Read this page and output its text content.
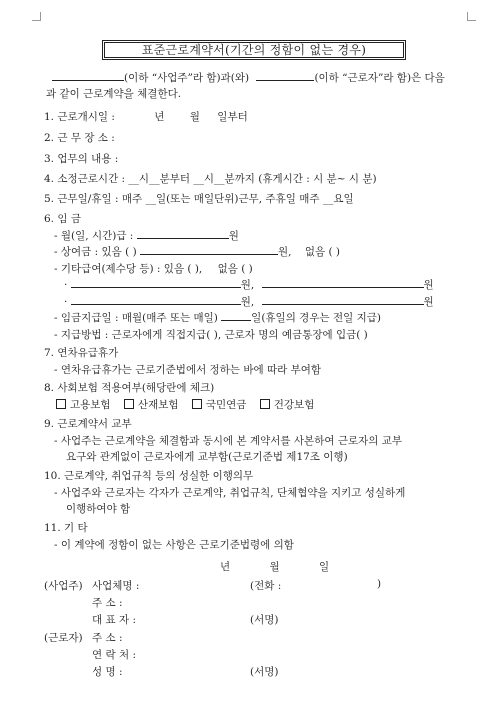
표준근로계약서(기간의 정함이 없는 경우)
(이하 “사업주”라 함)과(와)	(이하 “근로자”라 함)은 다음
과 같이 근로계약을 체결한다.
1. 근로개시일 :	년 월 일부터
2. 근 무 장 소 :
3. 업무의 내용 :
4. 소정근로시간 : __시__분부터 __시__분까지 (휴게시간 : 시 분~ 시 분)
5. 근무일/휴일 : 매주 __일(또는 매일단위)근무, 주휴일 매주 __요일
6. 임 금
- 월(일, 시간)급 :	원
- 상여금 : 있음 ( )	원, 없음 ( )
- 기타급여(제수당 등) : 있음 ( ), 없음 ( )
·	원,	원
·	원,	원
- 임금지급일 : 매월(매주 또는 매일)	일(휴일의 경우는 전일 지급)
- 지급방법 : 근로자에게 직접지급( ), 근로자 명의 예금통장에 입금( )
7. 연차유급휴가
- 연차유급휴가는 근로기준법에서 정하는 바에 따라 부여함
8. 사회보험 적용여부(해당란에 체크)
고용보험	산재보험	국민연금	건강보험
9. 근로계약서 교부
- 사업주는 근로계약을 체결함과 동시에 본 계약서를 사본하여 근로자의 교부
요구와 관계없이 근로자에게 교부함(근로기준법 제17조 이행)
10. 근로계약, 취업규칙 등의 성실한 이행의무
- 사업주와 근로자는 각자가 근로계약, 취업규칙, 단체협약을 지키고 성실하게
이행하여야 함
11. 기 타
- 이 계약에 정함이 없는 사항은 근로기준법령에 의함
년	월	일
(사업주) 사업체명 :	(전화 :	)
주 소 :
대 표 자 :	(서명)
(근로자) 주 소 :
연 락 처 :
성 명 :	(서명)
